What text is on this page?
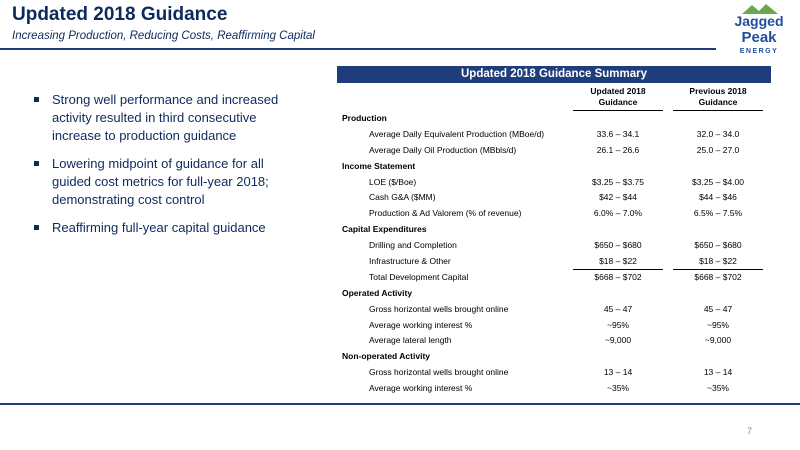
Updated 2018 Guidance
Increasing Production, Reducing Costs, Reaffirming Capital
Jagged
Peak
ENERGY
Strong well performance and increased activity resulted in third consecutive increase to production guidance
Lowering midpoint of guidance for all guided cost metrics for full-year 2018; demonstrating cost control
Reaffirming full-year capital guidance
Updated 2018 Guidance Summary
Updated 2018 Guidance
Previous 2018 Guidance
Production
Average Daily Equivalent Production (MBoe/d)	33.6 – 34.1	32.0 – 34.0
Average Daily Oil Production (MBbls/d)	26.1 – 26.6	25.0 – 27.0
Income Statement
LOE ($/Boe)	$3.25 – $3.75	$3.25 – $4.00
Cash G&A ($MM)	$42 – $44	$44 – $46
Production & Ad Valorem (% of revenue)	6.0% – 7.0%	6.5% – 7.5%
Capital Expenditures
Drilling and Completion	$650 – $680	$650 – $680
Infrastructure & Other	$18 – $22	$18 – $22
Total Development Capital	$668 – $702	$668 – $702
Operated Activity
Gross horizontal wells brought online	45 – 47	45 – 47
Average working interest %	~95%	~95%
Average lateral length	~9,000	~9,000
Non-operated Activity
Gross horizontal wells brought online	13 – 14	13 – 14
Average working interest %	~35%	~35%
7
